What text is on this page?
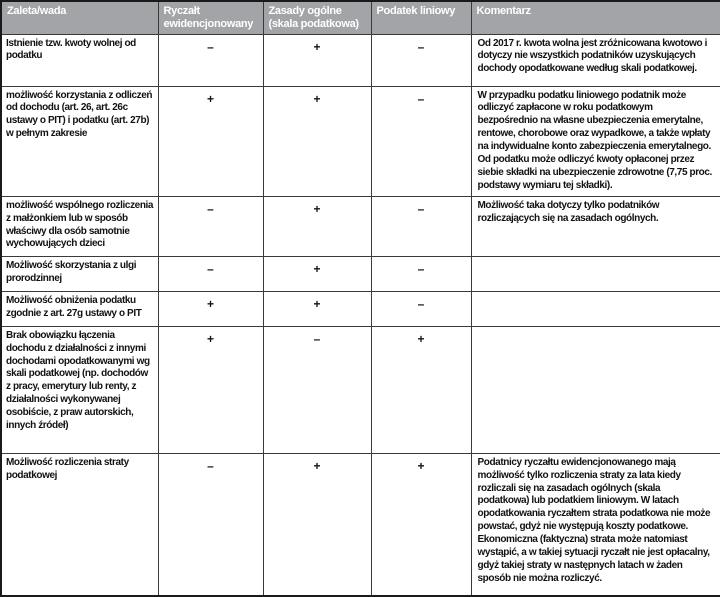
Zaleta/wada	Ryczałt ewidencjonowany	Zasady ogólne (skala podatkowa)	Podatek liniowy	Komentarz
Istnienie tzw. kwoty wolnej od podatku	–	+	–	Od 2017 r. kwota wolna jest zróżnicowana kwotowo i dotyczy nie wszystkich podatników uzyskujących dochody opodatkowane według skali podatkowej.
możliwość korzystania z odliczeń od dochodu (art. 26, art. 26c ustawy o PIT) i podatku (art. 27b) w pełnym zakresie	+	+	–	W przypadku podatku liniowego podatnik może odliczyć zapłacone w roku podatkowym bezpośrednio na własne ubezpieczenia emerytalne, rentowe, chorobowe oraz wypadkowe, a także wpłaty na indywidualne konto zabezpieczenia emerytalnego. Od podatku może odliczyć kwoty opłaconej przez siebie składki na ubezpieczenie zdrowotne (7,75 proc. podstawy wymiaru tej składki).
możliwość wspólnego rozliczenia z małżonkiem lub w sposób właściwy dla osób samotnie wychowujących dzieci	–	+	–	Możliwość taka dotyczy tylko podatników rozliczających się na zasadach ogólnych.
Możliwość skorzystania z ulgi prorodzinnej	–	+	–	
Możliwość obniżenia podatku zgodnie z art. 27g ustawy o PIT	+	+	–	
Brak obowiązku łączenia dochodu z działalności z innymi dochodami opodatkowanymi wg skali podatkowej (np. dochodów z pracy, emerytury lub renty, z działalności wykonywanej osobiście, z praw autorskich, innych źródeł)	+	–	+	
Możliwość rozliczenia straty podatkowej	–	+	+	Podatnicy ryczałtu ewidencjonowanego mają możliwość tylko rozliczenia straty za lata kiedy rozliczali się na zasadach ogólnych (skala podatkowa) lub podatkiem liniowym. W latach opodatkowania ryczałtem strata podatkowa nie może powstać, gdyż nie występują koszty podatkowe. Ekonomiczna (faktyczna) strata może natomiast wystąpić, a w takiej sytuacji ryczałt nie jest opłacalny, gdyż takiej straty w następnych latach w żaden sposób nie można rozliczyć.
